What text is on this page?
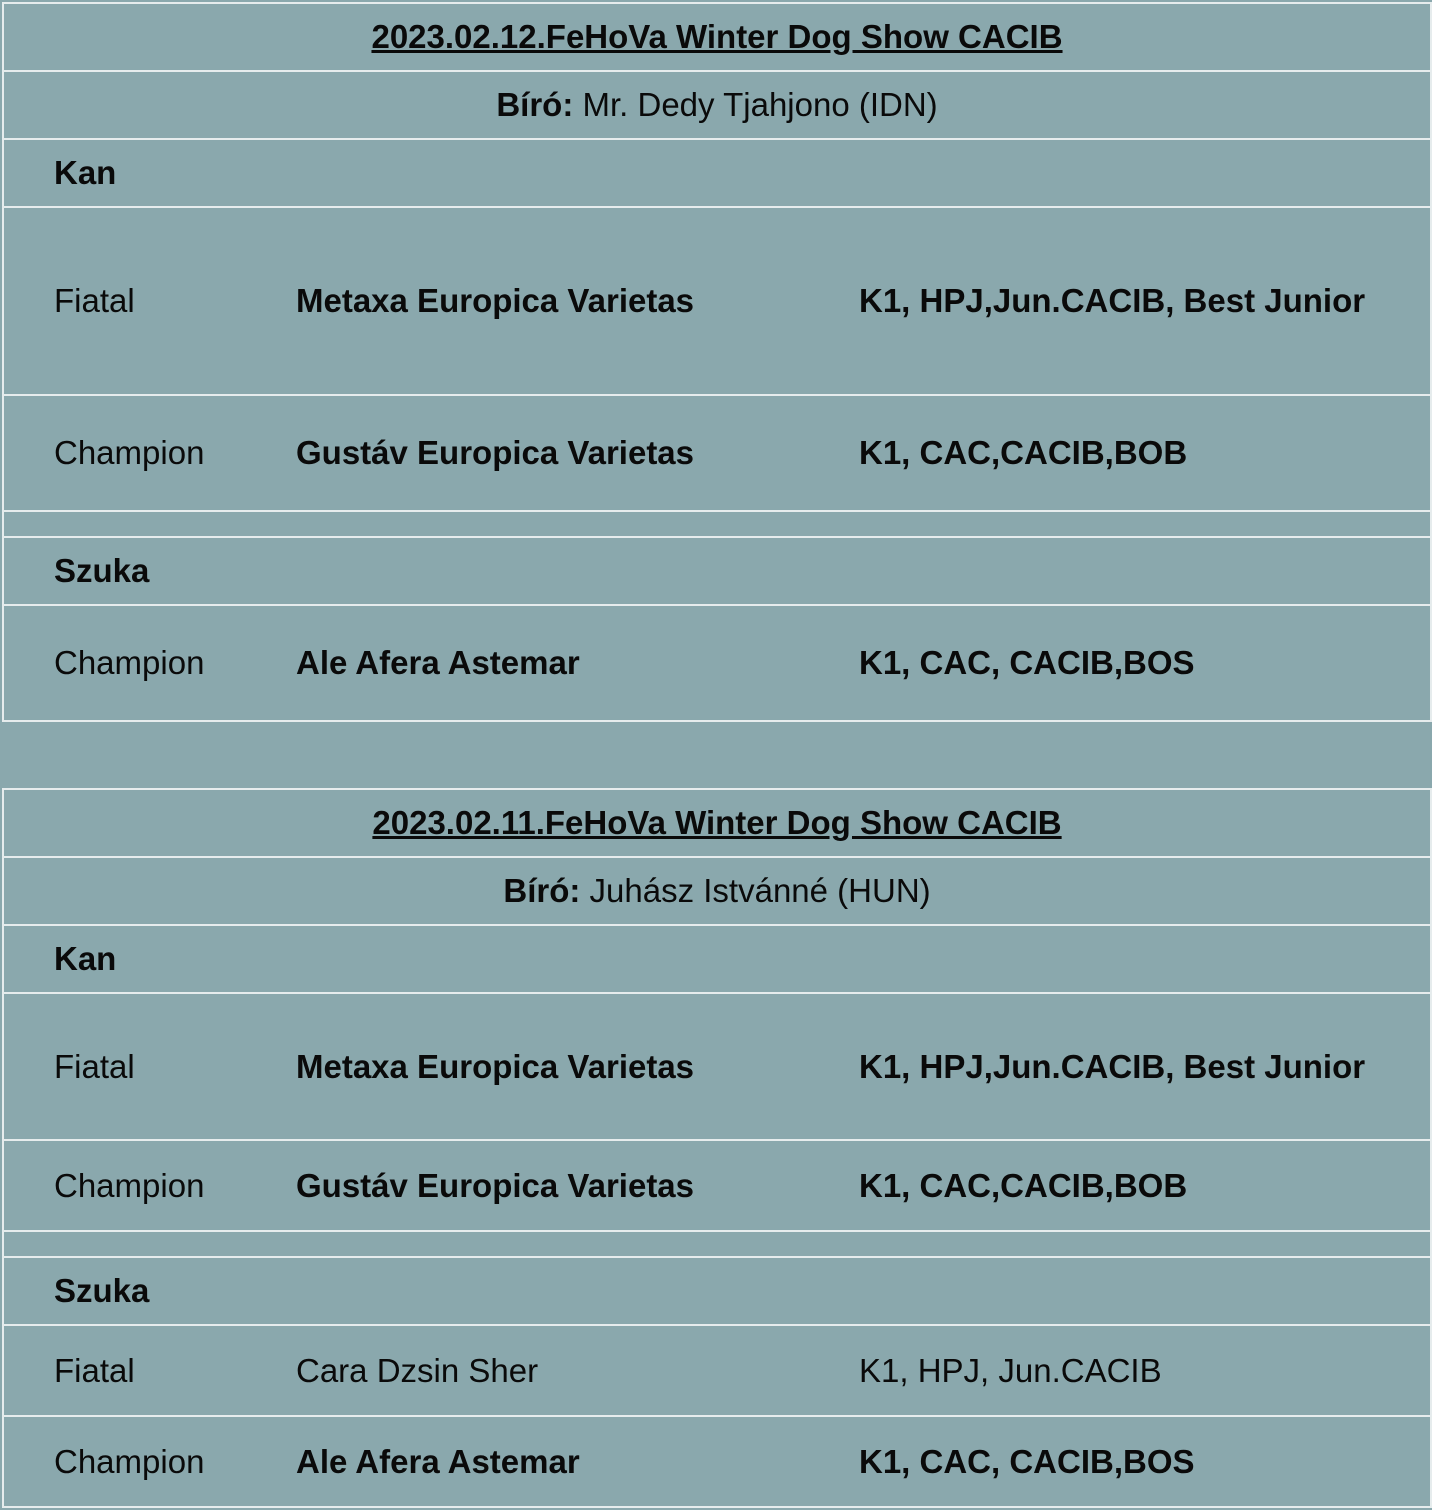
2023.02.12.FeHoVa Winter Dog Show CACIB		
Bíró: Mr. Dedy Tjahjono (IDN)		
Kan		
Fiatal	Metaxa Europica Varietas	K1, HPJ,Jun.CACIB, Best Junior
Champion	Gustáv Europica Varietas	K1, CAC,CACIB,BOB

Szuka		
Champion	Ale Afera Astemar	K1, CAC, CACIB,BOS
2023.02.11.FeHoVa Winter Dog Show CACIB		
Bíró: Juhász Istvánné (HUN)		
Kan		
Fiatal	Metaxa Europica Varietas	K1, HPJ,Jun.CACIB, Best Junior
Champion	Gustáv Europica Varietas	K1, CAC,CACIB,BOB

Szuka		
Fiatal	Cara Dzsin Sher	K1, HPJ, Jun.CACIB
Champion	Ale Afera Astemar	K1, CAC, CACIB,BOS
